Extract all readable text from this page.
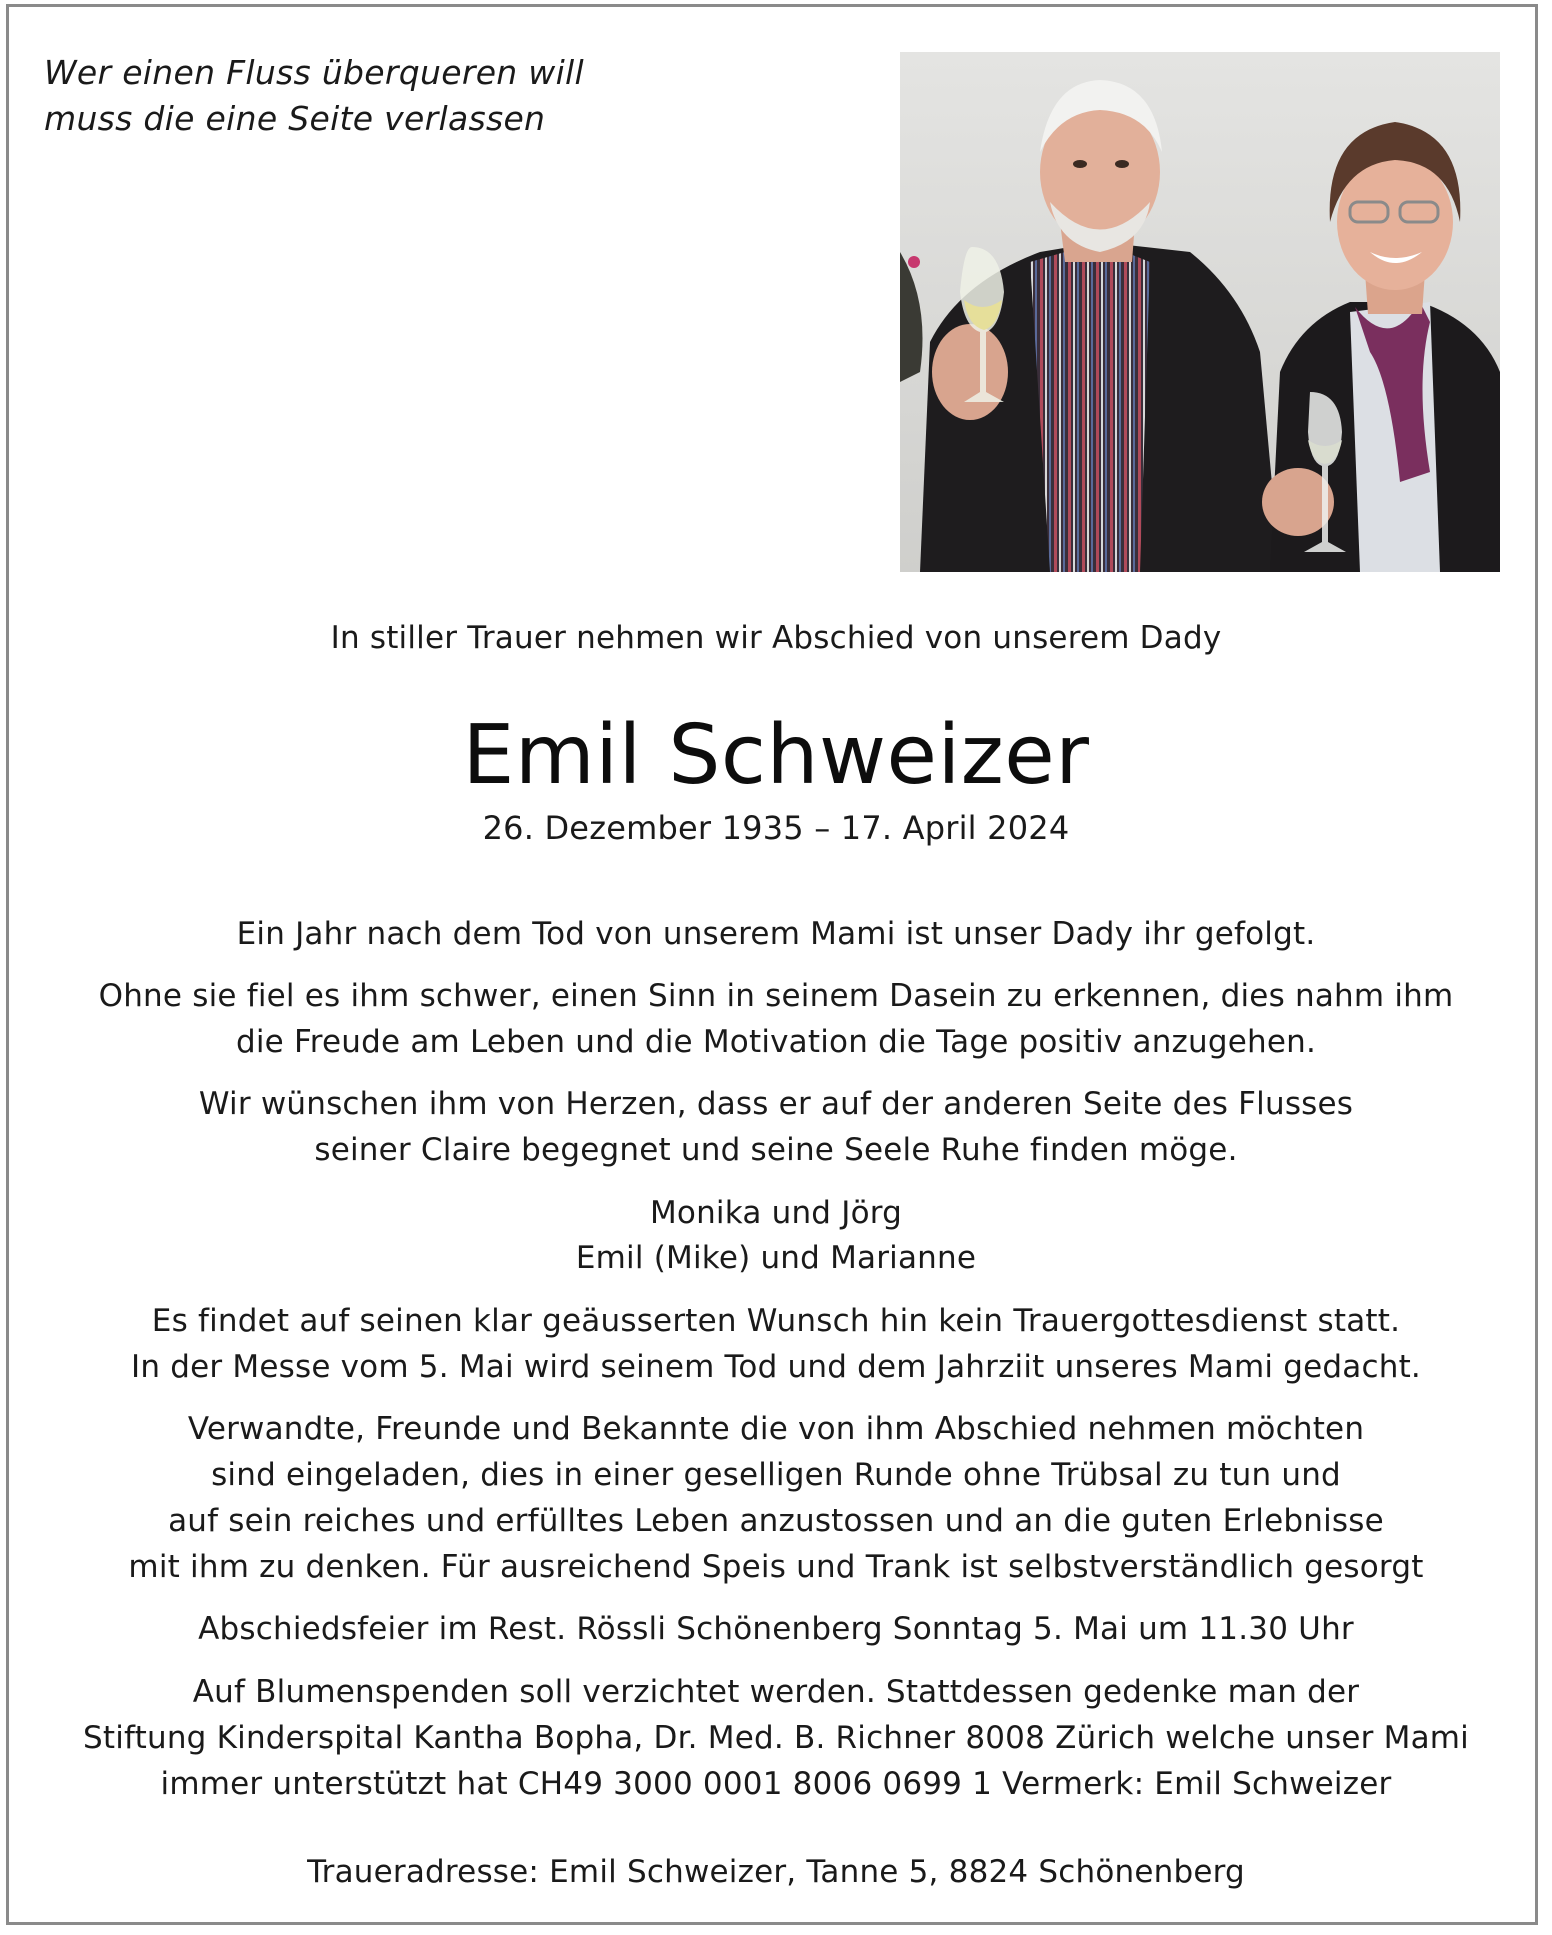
Wer einen Fluss überqueren will
muss die eine Seite verlassen
In stiller Trauer nehmen wir Abschied von unserem Dady
Emil Schweizer
26. Dezember 1935 – 17. April 2024
Ein Jahr nach dem Tod von unserem Mami ist unser Dady ihr gefolgt.
Ohne sie fiel es ihm schwer, einen Sinn in seinem Dasein zu erkennen, dies nahm ihm
die Freude am Leben und die Motivation die Tage positiv anzugehen.
Wir wünschen ihm von Herzen, dass er auf der anderen Seite des Flusses
seiner Claire begegnet und seine Seele Ruhe finden möge.
Monika und Jörg
Emil (Mike) und Marianne
Es findet auf seinen klar geäusserten Wunsch hin kein Trauergottesdienst statt.
In der Messe vom 5. Mai wird seinem Tod und dem Jahrziit unseres Mami gedacht.
Verwandte, Freunde und Bekannte die von ihm Abschied nehmen möchten
sind eingeladen, dies in einer geselligen Runde ohne Trübsal zu tun und
auf sein reiches und erfülltes Leben anzustossen und an die guten Erlebnisse
mit ihm zu denken. Für ausreichend Speis und Trank ist selbstverständlich gesorgt
Abschiedsfeier im Rest. Rössli Schönenberg Sonntag 5. Mai um 11.30 Uhr
Auf Blumenspenden soll verzichtet werden. Stattdessen gedenke man der
Stiftung Kinderspital Kantha Bopha, Dr. Med. B. Richner 8008 Zürich welche unser Mami
immer unterstützt hat CH49 3000 0001 8006 0699 1 Vermerk: Emil Schweizer
Traueradresse: Emil Schweizer, Tanne 5, 8824 Schönenberg
